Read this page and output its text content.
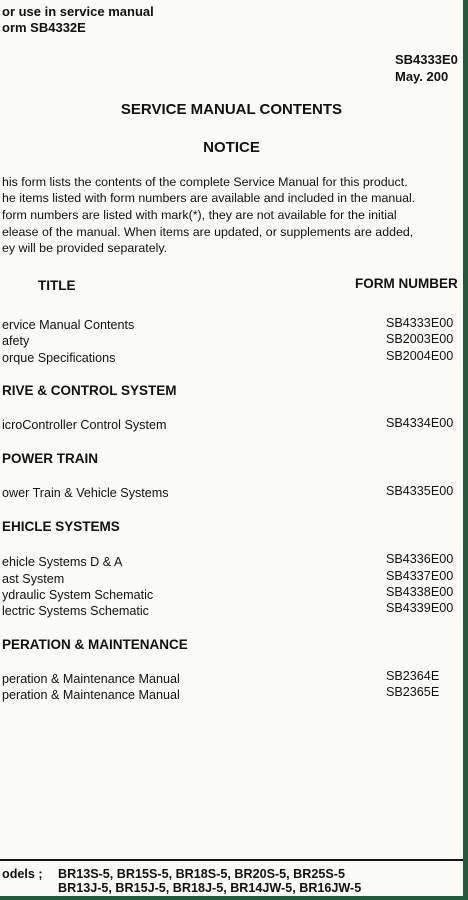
or use in service manual
orm SB4332E
SB4333E0
May. 200
SERVICE MANUAL CONTENTS
NOTICE
his form lists the contents of the complete Service Manual for this product.
he items listed with form numbers are available and included in the manual.
form numbers are listed with mark(*), they are not available for the initial
elease of the manual. When items are updated, or supplements are added,
ey will be provided separately.
TITLE	FORM NUMBER
ervice Manual Contents	SB4333E00
afety	SB2003E00
orque Specifications	SB2004E00
RIVE & CONTROL SYSTEM
icroController Control System	SB4334E00
POWER TRAIN
ower Train & Vehicle Systems	SB4335E00
EHICLE SYSTEMS
ehicle Systems D & A	SB4336E00
ast System	SB4337E00
ydraulic System Schematic	SB4338E00
lectric Systems Schematic	SB4339E00
PERATION & MAINTENANCE
peration & Maintenance Manual	SB2364E
peration & Maintenance Manual	SB2365E
odels ; BR13S-5, BR15S-5, BR18S-5, BR20S-5, BR25S-5
BR13J-5, BR15J-5, BR18J-5, BR14JW-5, BR16JW-5
